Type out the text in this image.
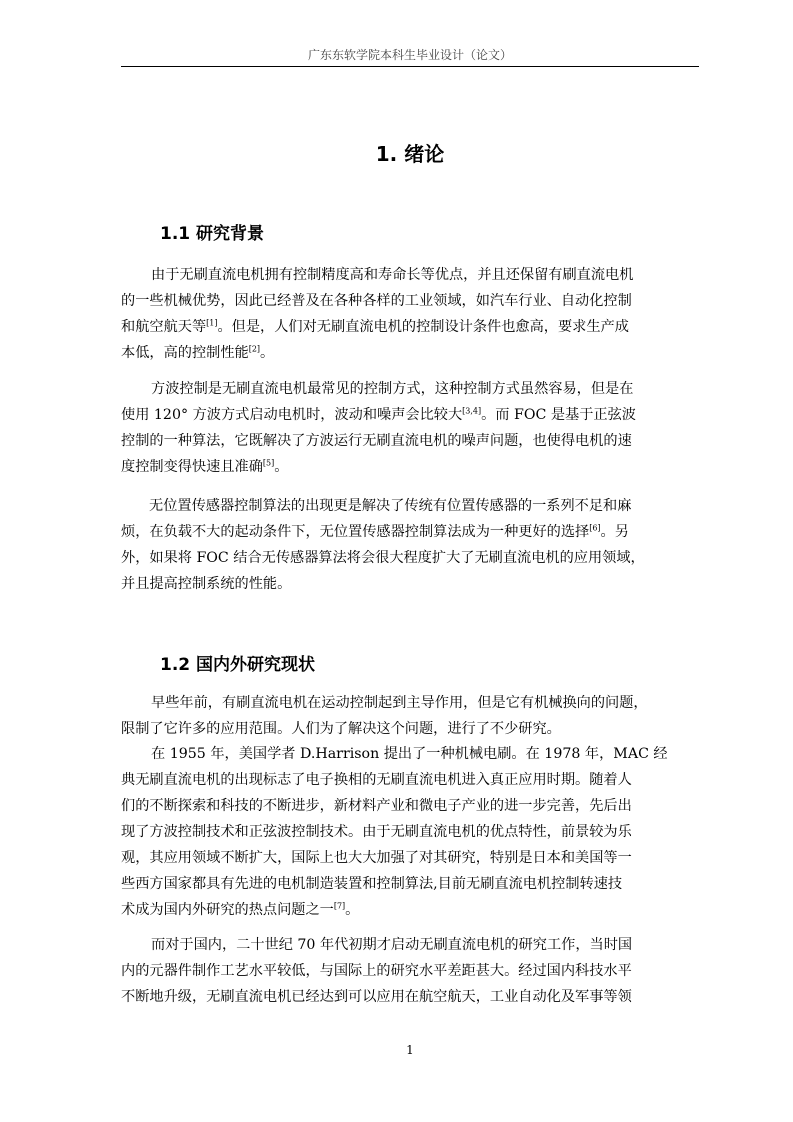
广东东软学院本科生毕业设计（论文）
1. 绪论
1.1 研究背景
由于无刷直流电机拥有控制精度高和寿命长等优点，并且还保留有刷直流电机
的一些机械优势，因此已经普及在各种各样的工业领域，如汽车行业、自动化控制
和航空航天等[1]。但是，人们对无刷直流电机的控制设计条件也愈高，要求生产成
本低，高的控制性能[2]。
方波控制是无刷直流电机最常见的控制方式，这种控制方式虽然容易，但是在
使用 120° 方波方式启动电机时，波动和噪声会比较大[3,4]。而 FOC 是基于正弦波
控制的一种算法，它既解决了方波运行无刷直流电机的噪声问题，也使得电机的速
度控制变得快速且准确[5]。
无位置传感器控制算法的出现更是解决了传统有位置传感器的一系列不足和麻
烦，在负载不大的起动条件下，无位置传感器控制算法成为一种更好的选择[6]。另
外，如果将 FOC 结合无传感器算法将会很大程度扩大了无刷直流电机的应用领域，
并且提高控制系统的性能。
1.2 国内外研究现状
早些年前，有刷直流电机在运动控制起到主导作用，但是它有机械换向的问题，
限制了它许多的应用范围。人们为了解决这个问题，进行了不少研究。
在 1955 年，美国学者 D.Harrison 提出了一种机械电刷。在 1978 年，MAC 经
典无刷直流电机的出现标志了电子换相的无刷直流电机进入真正应用时期。随着人
们的不断探索和科技的不断进步，新材料产业和微电子产业的进一步完善，先后出
现了方波控制技术和正弦波控制技术。由于无刷直流电机的优点特性，前景较为乐
观，其应用领域不断扩大，国际上也大大加强了对其研究，特别是日本和美国等一
些西方国家都具有先进的电机制造装置和控制算法,目前无刷直流电机控制转速技
术成为国内外研究的热点问题之一[7]。
而对于国内，二十世纪 70 年代初期才启动无刷直流电机的研究工作，当时国
内的元器件制作工艺水平较低，与国际上的研究水平差距甚大。经过国内科技水平
不断地升级，无刷直流电机已经达到可以应用在航空航天，工业自动化及军事等领
1
